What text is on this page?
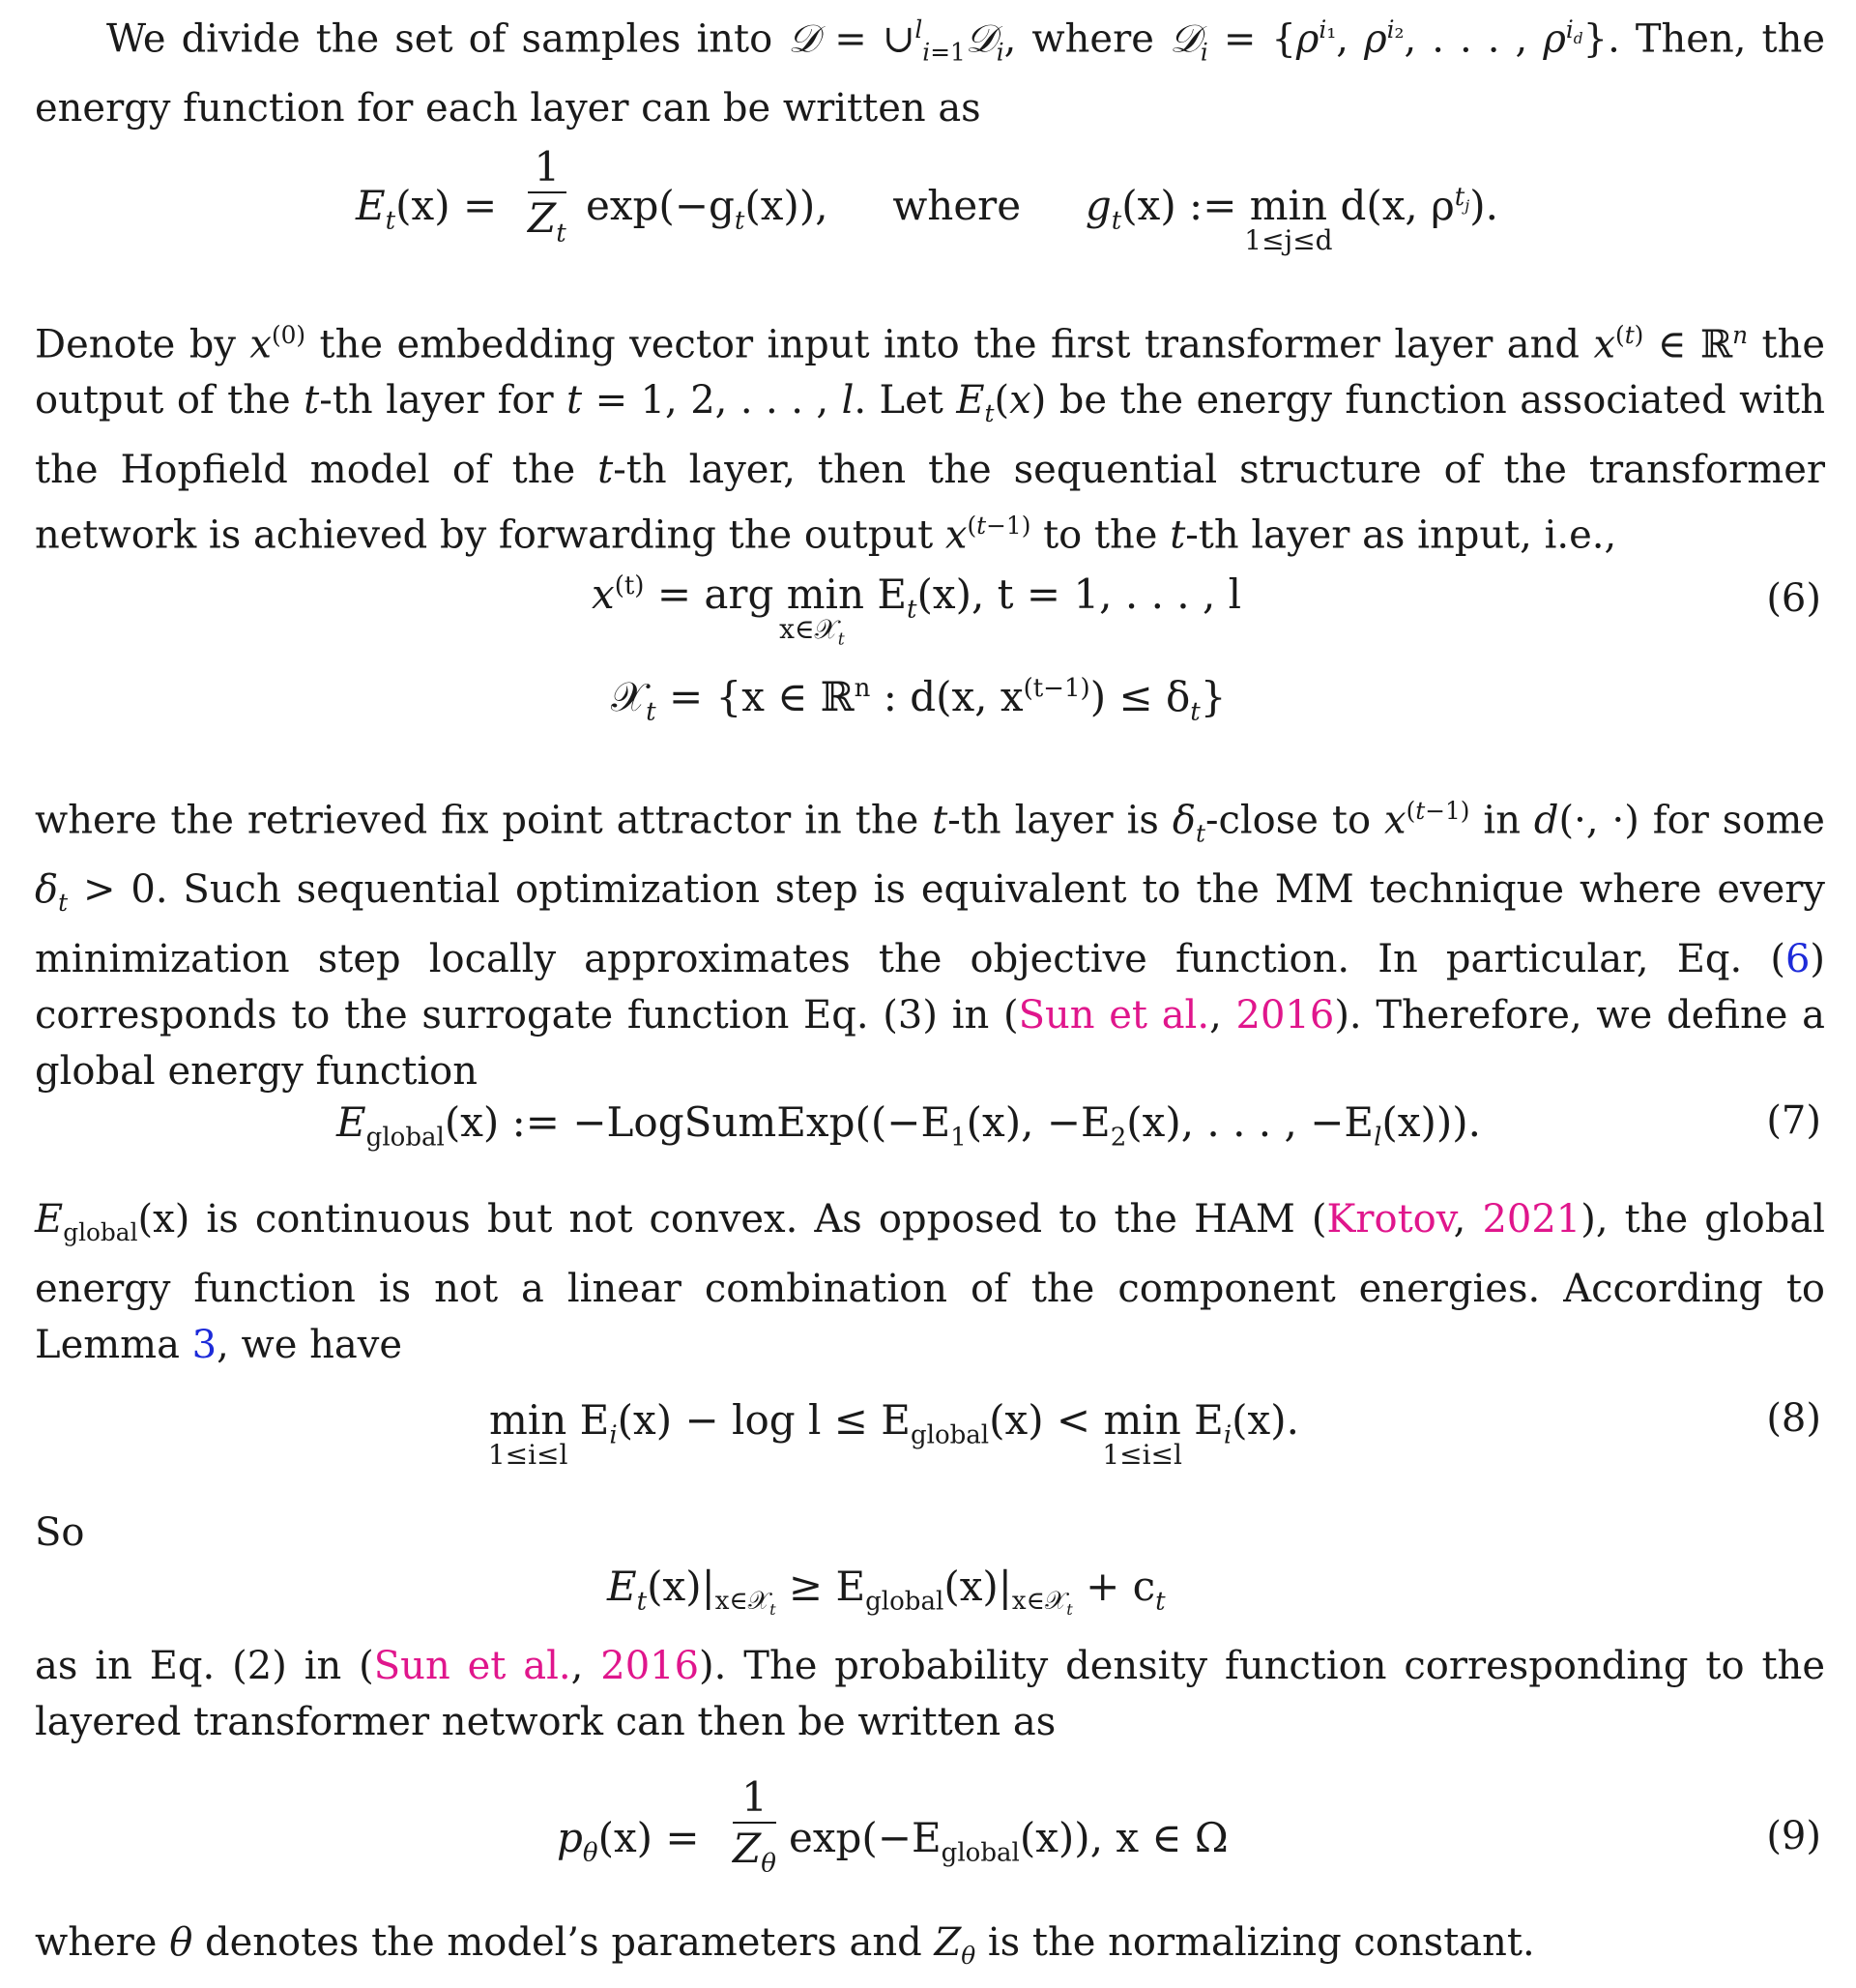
We divide the set of samples into 𝒟 = ∪$^l_{i=1}$𝒟$_i$, where 𝒟$_i$ = {$\rho^{i_1}$, $\rho^{i_2}$, . . . , $\rho^{i_d}$}. Then, the energy function for each layer can be written as

$E_t(x) = \frac{1}{Z_t} \exp(-g_t(x))$, where $g_t(x)$ := min
1≤j≤d
d(x, $\rho^{t_j}$).

Denote by $x^{(0)}$ the embedding vector input into the first transformer layer and $x^{(t)}$ ∈ ℝ$^n$ the output of the t-th layer for t = 1, 2, . . . , l. Let $E_t(x)$ be the energy function associated with the Hopfield model of the t-th layer, then the sequential structure of the transformer network is achieved by forwarding the output $x^{(t-1)}$ to the t-th layer as input, i.e.,

$x^{(t)}$ = arg min E
x∈𝒳$_t$
$_t$(x), t = 1, . . . , l
𝒳$_t$ = {x ∈ ℝ$^n$ : d(x, $x^{(t-1)}) \le \delta_t$}
(6)

where the retrieved fix point attractor in the t-th layer is $\delta_t$-close to $x^{(t-1)}$ in d(·, ·) for some $\delta_t > 0$. Such sequential optimization step is equivalent to the MM technique where every minimization step locally approximates the objective function. In particular, Eq. (6) corresponds to the surrogate function Eq. (3) in (Sun et al., 2016). Therefore, we define a global energy function

$E_{global}(x)$ := $-LogSumExp((-E_1(x)$, $-E_2(x)$, . . . , $-E_l(x)$)).	(7)

$E_{global}(x)$ is continuous but not convex. As opposed to the HAM (Krotov, 2021), the global energy function is not a linear combination of the component energies. According to Lemma 3, we have

min
1≤i≤l
$E_i(x) - \log l \le E_{global}(x) < \min$
1≤i≤l
$E_i(x)$.	(8)

So

$E_t(x)|_{x\in 𝒳_t} \ge E_{global}(x)|_{x\in 𝒳_t} + c_t$

as in Eq. (2) in (Sun et al., 2016). The probability density function corresponding to the layered transformer network can then be written as

$p_\theta(x) = \frac{1}{Z_\theta} \exp(-E_{global}(x))$, x ∈ Ω	(9)

where θ denotes the model’s parameters and $Z_\theta$ is the normalizing constant.
